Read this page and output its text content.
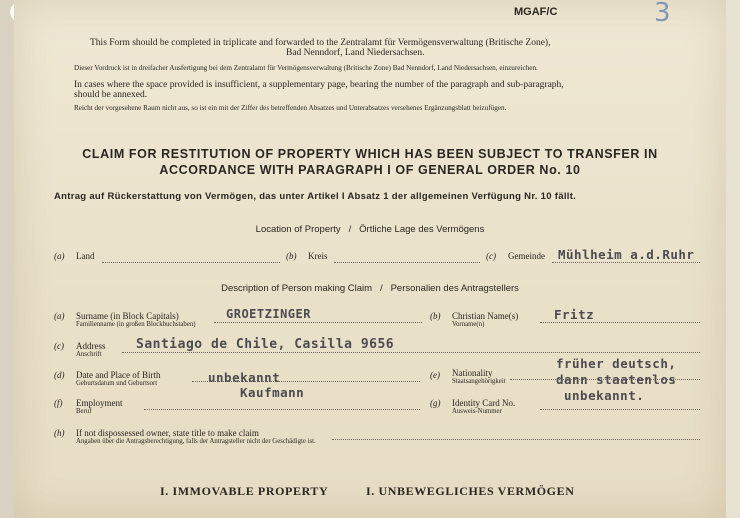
MGAF/C	3
This Form should be completed in triplicate and forwarded to the Zentralamt für Vermögensverwaltung (Britische Zone),
Bad Nenndorf, Land Niedersachsen.
Dieser Vordruck ist in dreifacher Ausfertigung bei dem Zentralamt für Vermögensverwaltung (Britische Zone) Bad Nenndorf, Land Niedersachsen, einzureichen.
In cases where the space provided is insufficient, a supplementary page, bearing the number of the paragraph and sub-paragraph,
should be annexed.
Reicht der vorgesehene Raum nicht aus, so ist ein mit der Ziffer des betreffenden Absatzes und Unterabsatzes versehenes Ergänzungsblatt beizufügen.
CLAIM FOR RESTITUTION OF PROPERTY WHICH HAS BEEN SUBJECT TO TRANSFER IN
ACCORDANCE WITH PARAGRAPH I OF GENERAL ORDER No. 10
Antrag auf Rückerstattung von Vermögen, das unter Artikel I Absatz 1 der allgemeinen Verfügung Nr. 10 fällt.
Location of Property / Örtliche Lage des Vermögens
(a) Land	(b) Kreis	(c) Gemeinde Mühlheim a.d.Ruhr
Description of Person making Claim / Personalien des Antragstellers
(a) Surname (in Block Capitals)
Familienname (in großen Blockbuchstaben)
GROETZINGER	(b) Christian Name(s)
Vorname(n)
Fritz
(c) Address
Anschrift
Santiago de Chile, Casilla 9656
(d) Date and Place of Birth
Geburtsdatum und Geburtsort	unbekannt	(e) Nationality
Staatsangehörigkeit
früher deutsch,
dann staatenlos
(f) Employment
Beruf
Kaufmann
(g) Identity Card No.
Ausweis-Nummer
unbekannt.
(h) If not dispossessed owner, state title to make claim
Angaben über die Antragsberechtigung, falls der Antragsteller nicht der Geschädigte ist.
I. IMMOVABLE PROPERTY	I. UNBEWEGLICHES VERMÖGEN
